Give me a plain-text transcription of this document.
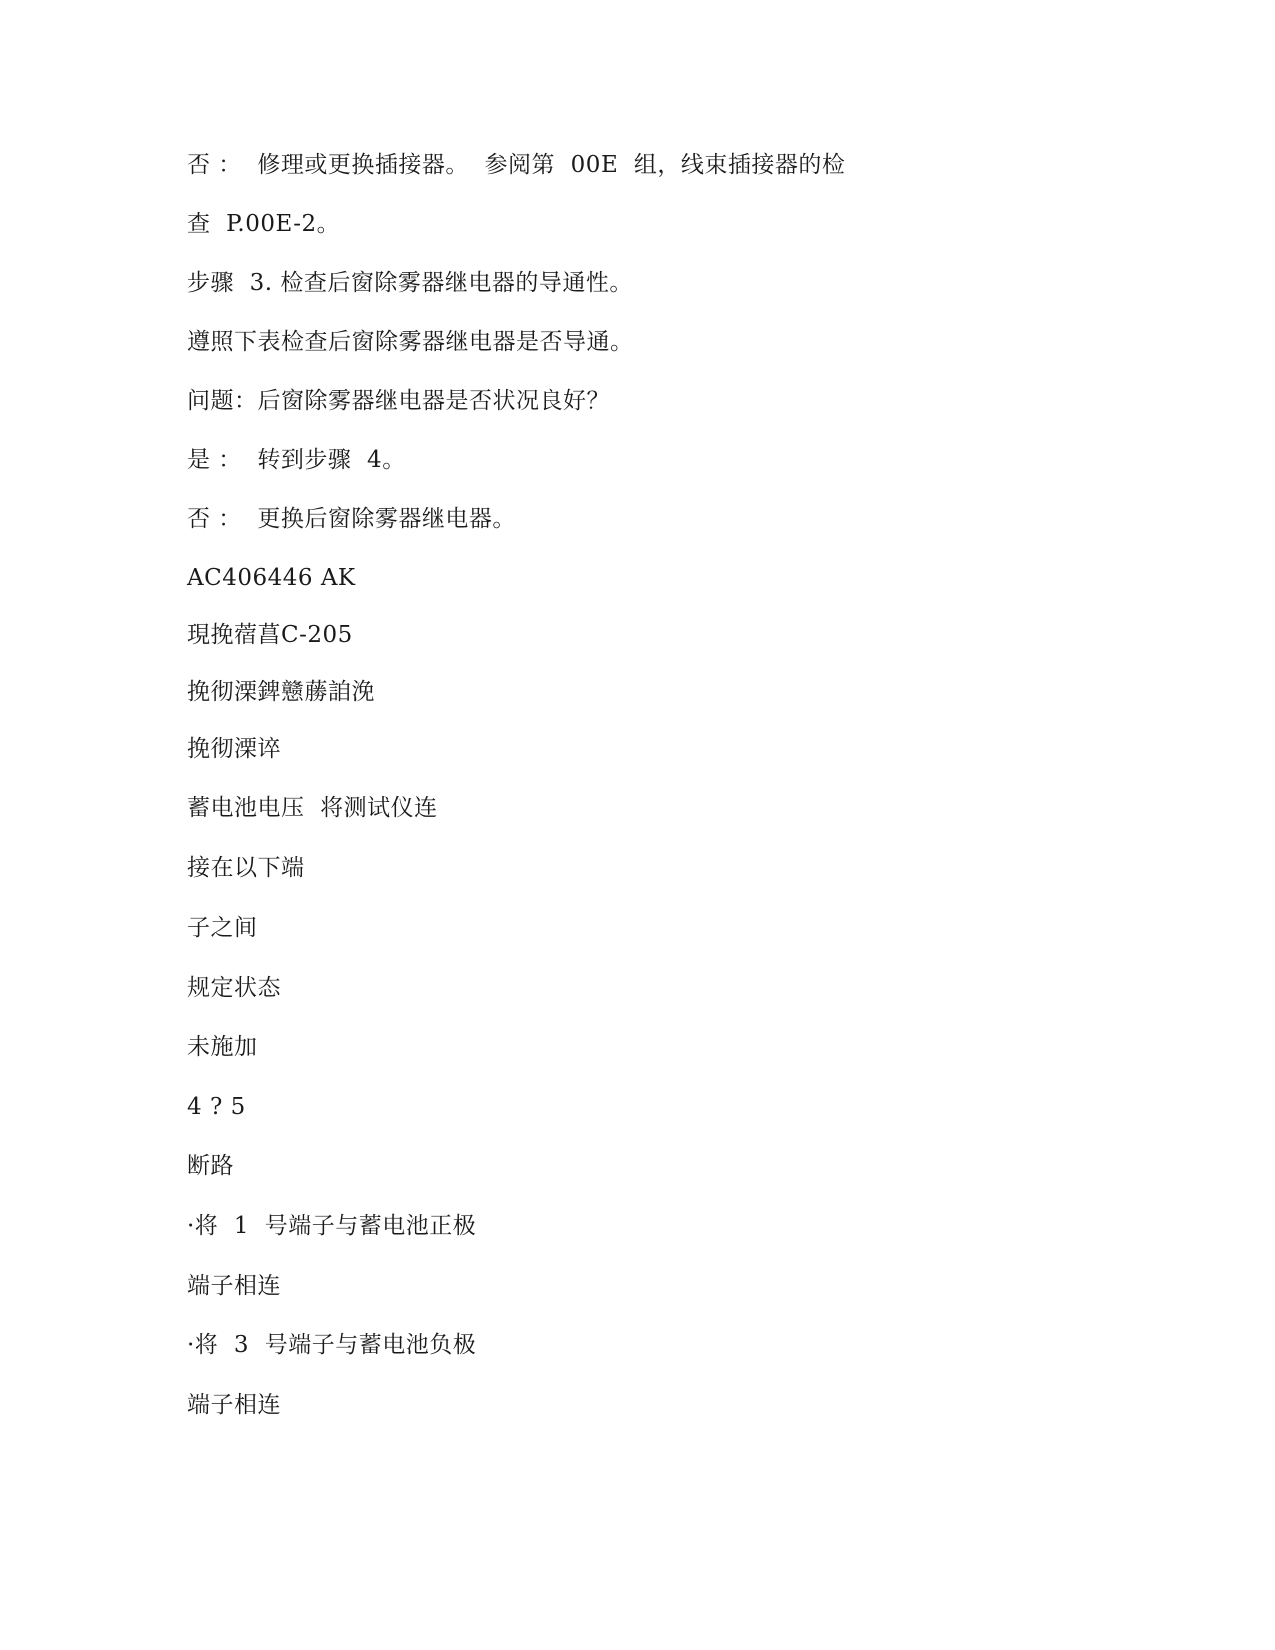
否 ：  修理或更换插接器。  参阅第  00E  组，线束插接器的检
查  P.00E-2。
步骤  3. 检查后窗除雾器继电器的导通性。
遵照下表检查后窗除雾器继电器是否导通。
问题：后窗除雾器继电器是否状况良好？
是 ：  转到步骤  4。
否 ：  更换后窗除雾器继电器。
AC406446 AK
現挽蓿菖C-205
挽彻溧錍戆蕂詯浼
挽彻溧谇
蓄电池电压  将测试仪连
接在以下端
子之间
规定状态
未施加
4 ? 5
断路
·将  1  号端子与蓄电池正极
端子相连
·将  3  号端子与蓄电池负极
端子相连
